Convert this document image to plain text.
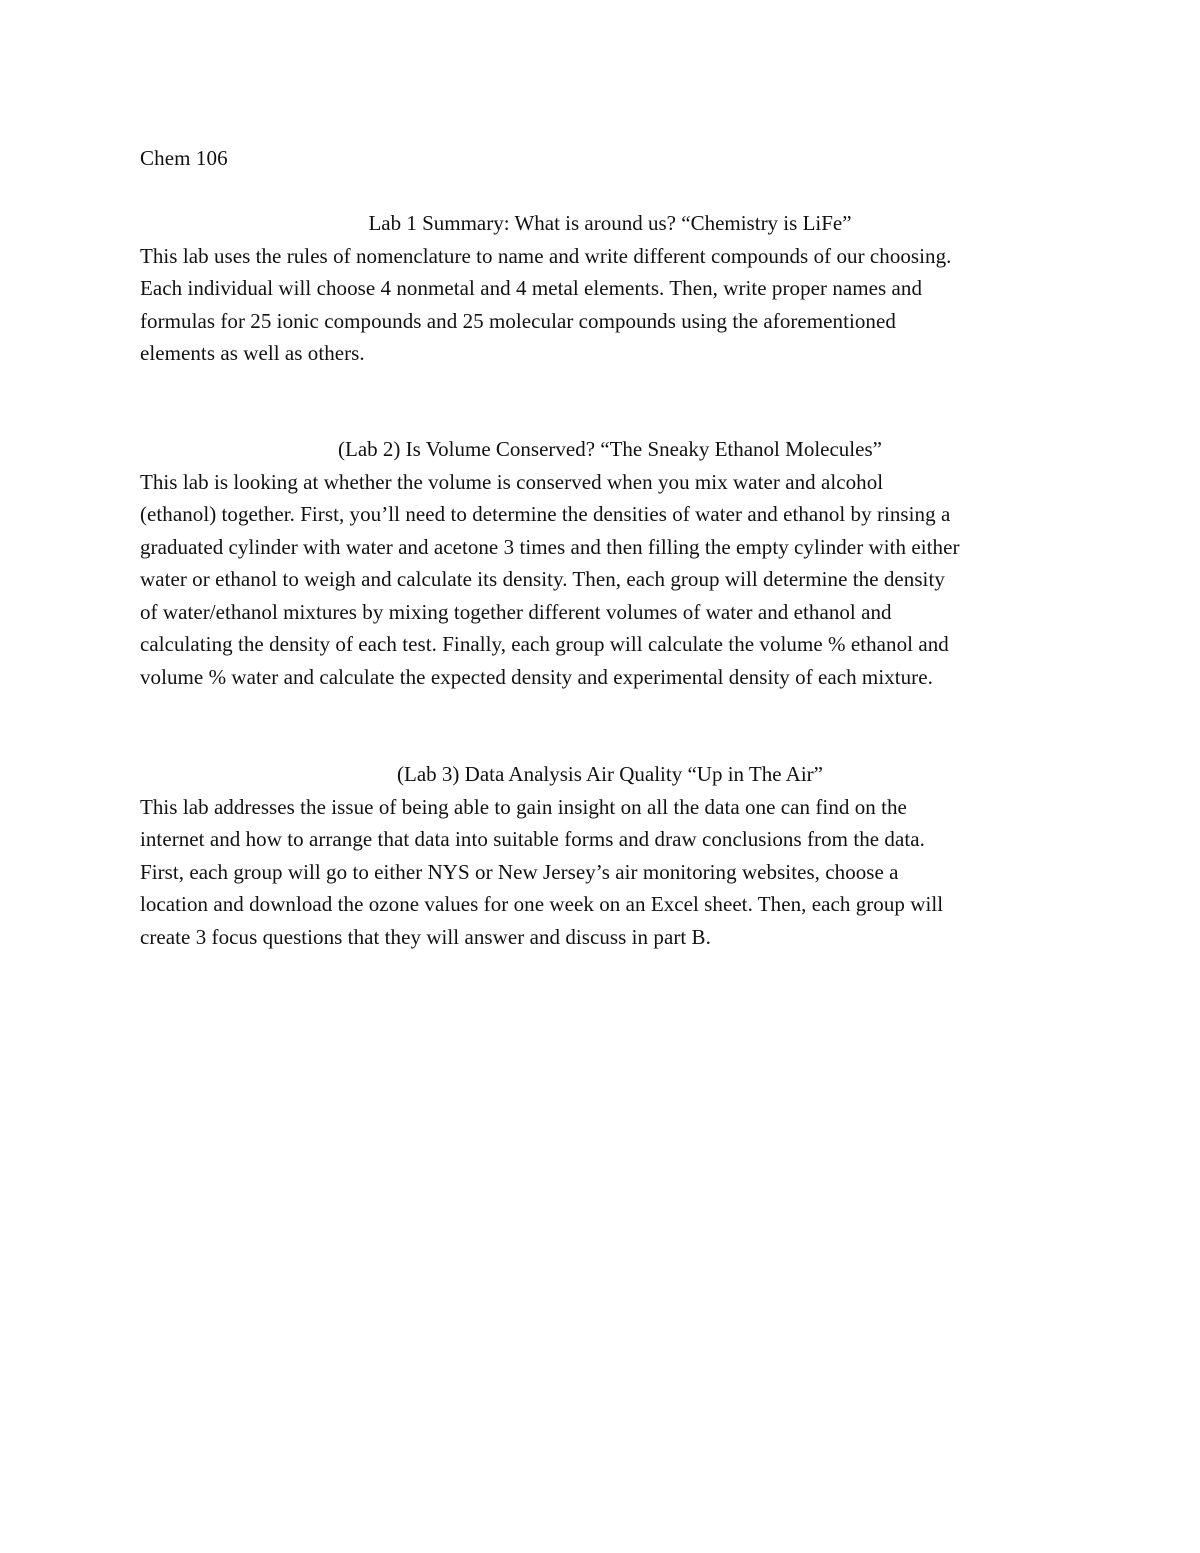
Chem 106
Lab 1 Summary: What is around us? “Chemistry is LiFe”
This lab uses the rules of nomenclature to name and write different compounds of our choosing.
Each individual will choose 4 nonmetal and 4 metal elements. Then, write proper names and
formulas for 25 ionic compounds and 25 molecular compounds using the aforementioned
elements as well as others.
(Lab 2) Is Volume Conserved? “The Sneaky Ethanol Molecules”
This lab is looking at whether the volume is conserved when you mix water and alcohol
(ethanol) together. First, you’ll need to determine the densities of water and ethanol by rinsing a
graduated cylinder with water and acetone 3 times and then filling the empty cylinder with either
water or ethanol to weigh and calculate its density. Then, each group will determine the density
of water/ethanol mixtures by mixing together different volumes of water and ethanol and
calculating the density of each test. Finally, each group will calculate the volume % ethanol and
volume % water and calculate the expected density and experimental density of each mixture.
(Lab 3) Data Analysis Air Quality “Up in The Air”
This lab addresses the issue of being able to gain insight on all the data one can find on the
internet and how to arrange that data into suitable forms and draw conclusions from the data.
First, each group will go to either NYS or New Jersey’s air monitoring websites, choose a
location and download the ozone values for one week on an Excel sheet. Then, each group will
create 3 focus questions that they will answer and discuss in part B.
